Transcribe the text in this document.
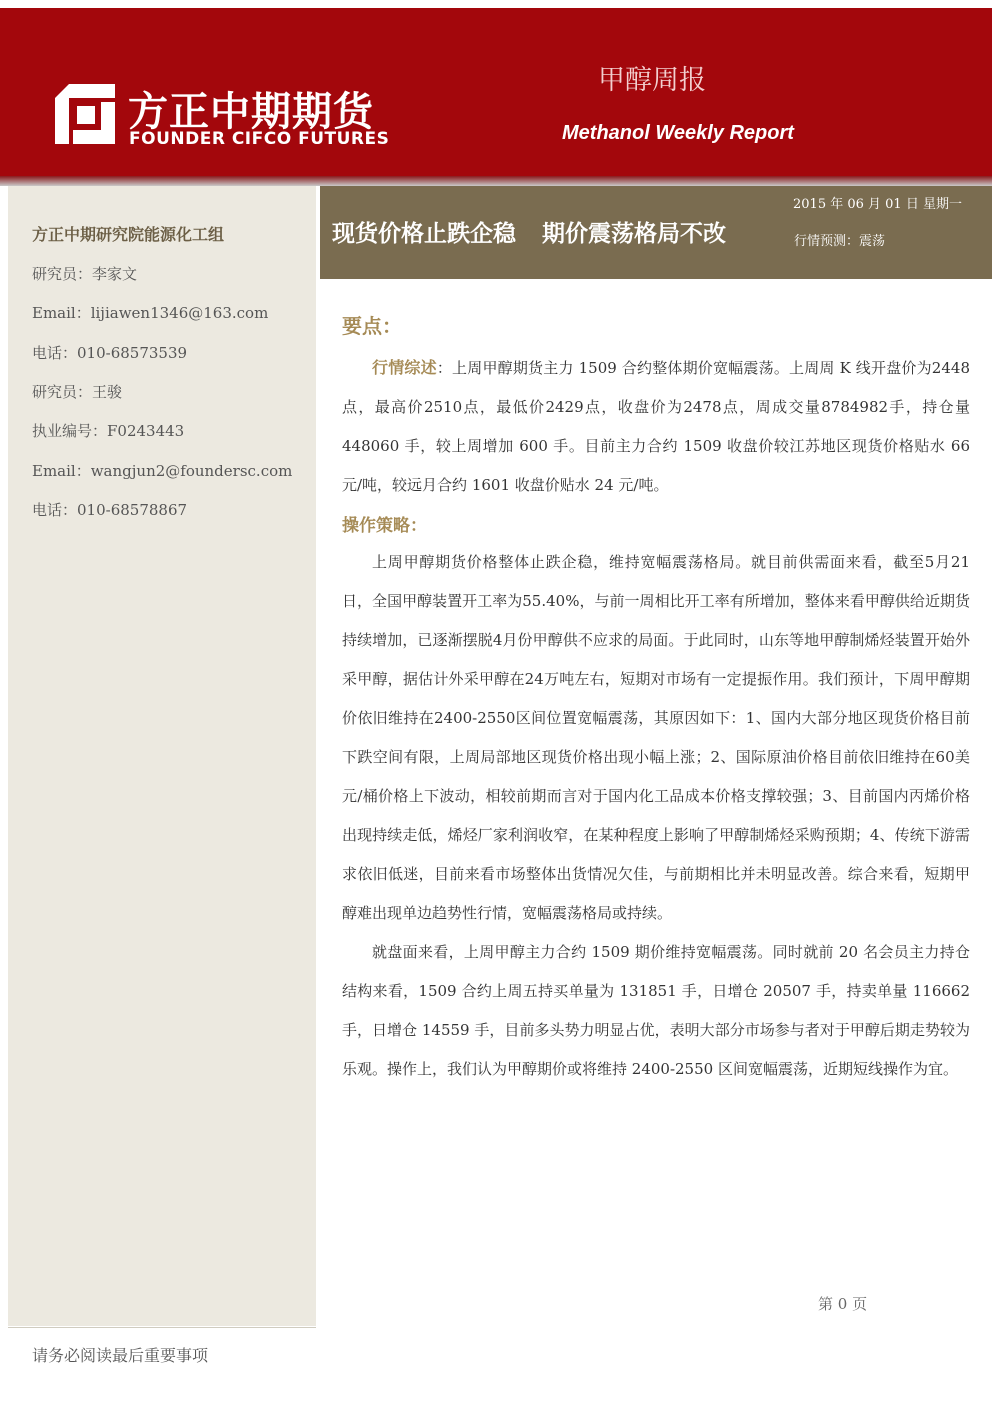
方正中期期货
FOUNDER CIFCO FUTURES
甲醇周报
Methanol Weekly Report
方正中期研究院能源化工组
研究员：李家文
Email：lijiawen1346@163.com
电话：010-68573539
研究员：王骏
执业编号：F0243443
Email：wangjun2@foundersc.com
电话：010-68578867
现货价格止跌企稳 期价震荡格局不改
2015 年 06 月 01 日 星期一
行情预测：震荡
要点：

行情综述：上周甲醇期货主力 1509 合约整体期价宽幅震荡。上周周 K 线开盘价为2448点，最高价2510点，最低价2429点，收盘价为2478点，周成交量8784982手，持仓量 448060 手，较上周增加 600 手。目前主力合约 1509 收盘价较江苏地区现货价格贴水 66 元/吨，较远月合约 1601 收盘价贴水 24 元/吨。

操作策略：

上周甲醇期货价格整体止跌企稳，维持宽幅震荡格局。就目前供需面来看，截至5月21日，全国甲醇装置开工率为55.40%，与前一周相比开工率有所增加，整体来看甲醇供给近期货持续增加，已逐渐摆脱4月份甲醇供不应求的局面。于此同时，山东等地甲醇制烯烃装置开始外采甲醇，据估计外采甲醇在24万吨左右，短期对市场有一定提振作用。我们预计，下周甲醇期价依旧维持在2400-2550区间位置宽幅震荡，其原因如下：1、国内大部分地区现货价格目前下跌空间有限，上周局部地区现货价格出现小幅上涨；2、国际原油价格目前依旧维持在60美元/桶价格上下波动，相较前期而言对于国内化工品成本价格支撑较强；3、目前国内丙烯价格出现持续走低，烯烃厂家利润收窄，在某种程度上影响了甲醇制烯烃采购预期；4、传统下游需求依旧低迷，目前来看市场整体出货情况欠佳，与前期相比并未明显改善。综合来看，短期甲醇难出现单边趋势性行情，宽幅震荡格局或持续。

就盘面来看，上周甲醇主力合约 1509 期价维持宽幅震荡。同时就前 20 名会员主力持仓结构来看，1509 合约上周五持买单量为 131851 手，日增仓 20507 手，持卖单量 116662 手，日增仓 14559 手，目前多头势力明显占优，表明大部分市场参与者对于甲醇后期走势较为乐观。操作上，我们认为甲醇期价或将维持 2400-2550 区间宽幅震荡，近期短线操作为宜。

第 0 页
请务必阅读最后重要事项
